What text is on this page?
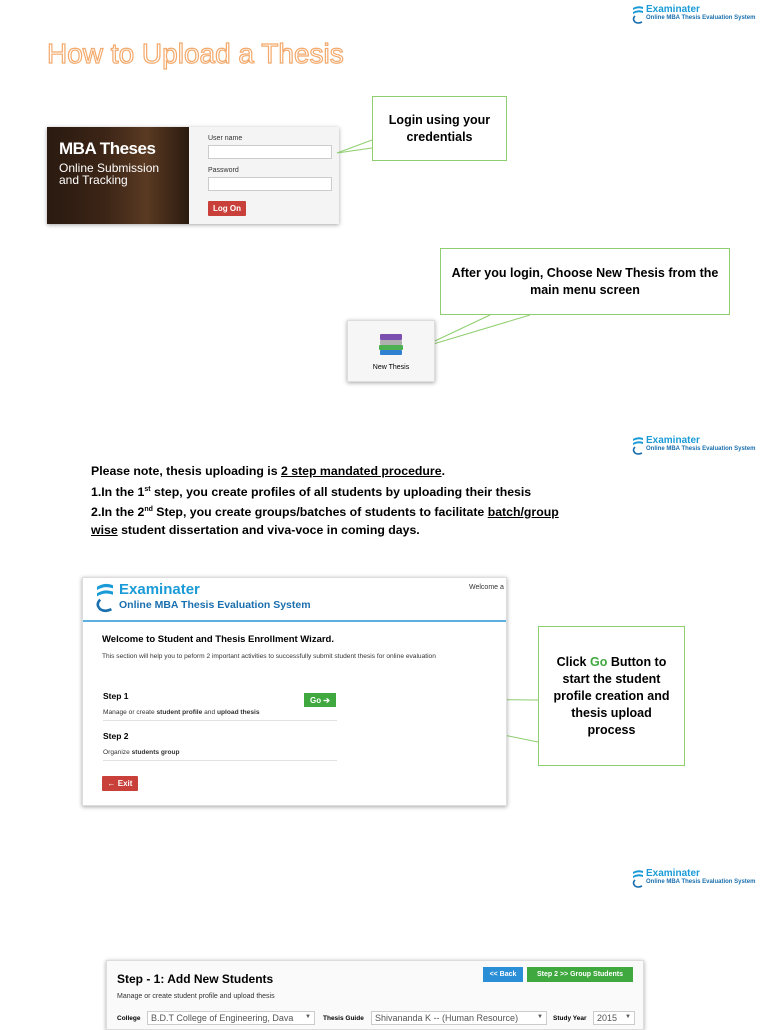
Examinater
Online MBA Thesis Evaluation System
Examinater
Online MBA Thesis Evaluation System
Examinater
Online MBA Thesis Evaluation System
How to Upload a Thesis
MBA Theses
Online Submission
and Tracking
User name
Password
Log On
Login using your credentials
After you login, Choose New Thesis from the main menu screen
New Thesis
Please note, thesis uploading is 2 step mandated procedure.
1.In the 1st step, you create profiles of all students by uploading their thesis
2.In the 2nd Step, you create groups/batches of students to facilitate batch/group
wise student dissertation and viva-voce in coming days.
Examinater
Online MBA Thesis Evaluation System
Welcome a
Welcome to Student and Thesis Enrollment Wizard.
This section will help you to peform 2 important activities to successfully submit student thesis for online evaluation
Step 1	Go ➔
Manage or create student profile and upload thesis
Step 2
Organize students group
← Exit
Click Go Button to start the student profile creation and thesis upload process
Step - 1: Add New Students
Manage or create student profile and upload thesis
<< Back	Step 2 >> Group Students
College	B.D.T College of Engineering, Dava ▼ Thesis Guide	Shivananda K -- (Human Resource)	▼ Study Year	2015 ▼
